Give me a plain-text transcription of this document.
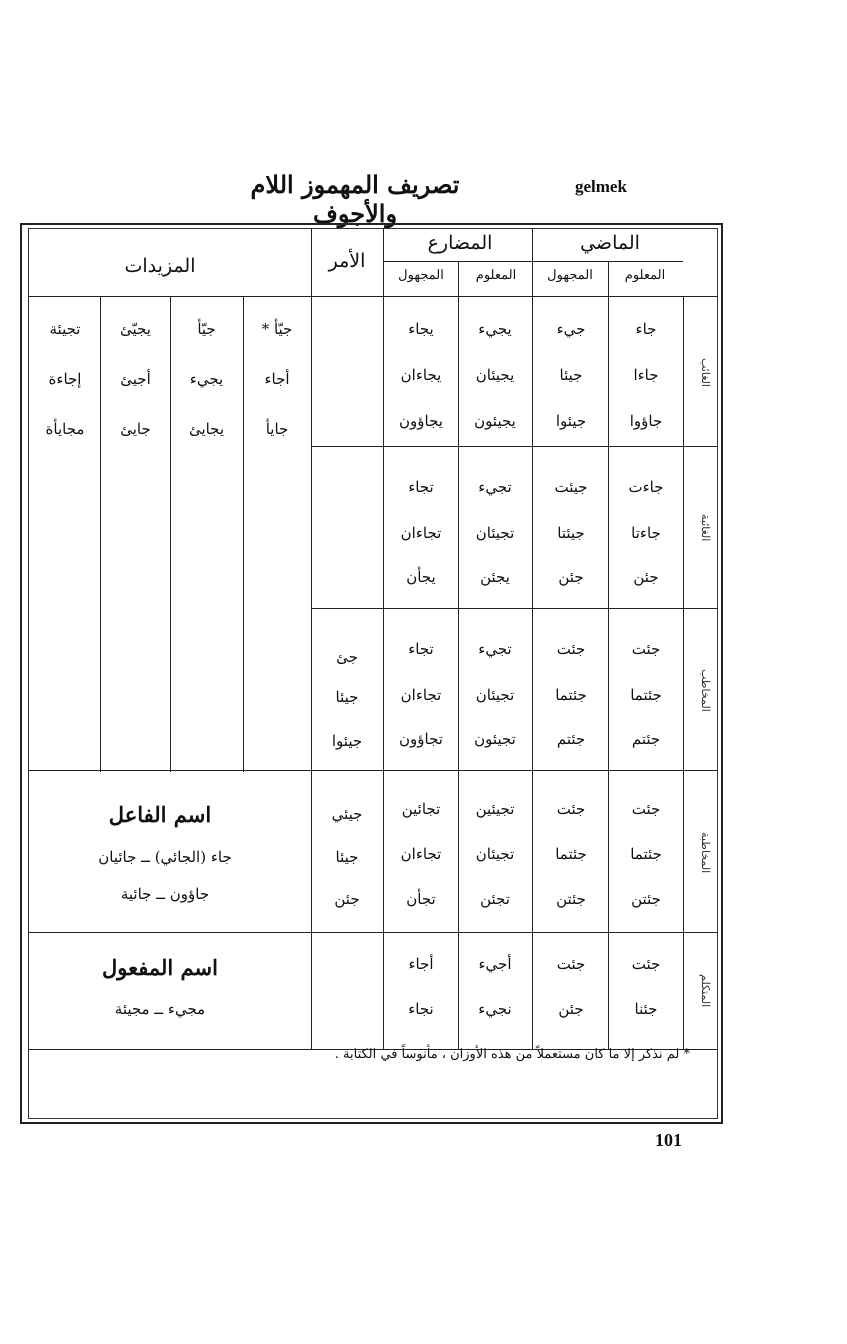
تصريف المهموز اللام والأجوف
gelmek
الماضي
المضارع
الأمر
المزيدات	المعلوم
المجهول
المعلوم
المجهول
الغائب
الغائبة
المخاطب
المخاطبة
المتكلم
جاء
جاءا
جاؤوا
جيء
جيئا
جيئوا
يجيء
يجيئان
يجيئون
يجاء
يجاءان
يجاؤون
جيّأ *
جيّأ
يجيّئ
تجيئة
أجاء
يجيء
أجيئ
إجاءة
جايأ
يجايئ
جايئ
مجايأة
جاءت
جاءتا
جئن
جيئت
جيئتا
جئن
تجيء
تجيئان
يجئن
تجاء
تجاءان
يجأن
جئت
جئتما
جئتم
جئت
جئتما
جئتم
تجيء
تجيئان
تجيئون
تجاء
تجاءان
تجاؤون
جئ
جيئا
جيئوا
جئت
جئتما
جئتن
جئت
جئتما
جئتن
تجيئين
تجيئان
تجئن
تجائين
تجاءان
تجأن
جيئي
جيئا
جئن
اسم الفاعل
جاء (الجائي) ــ جائيان
جاؤون ــ جائية
جئت
جئنا
جئت
جئن
أجيء
نجيء
أجاء
نجاء
اسم المفعول
مجيء ــ مجيئة
* لم نذكر إلا ما كان مستعملاً من هذه الأوزان ، مأنوساً في الكتابة .
101
